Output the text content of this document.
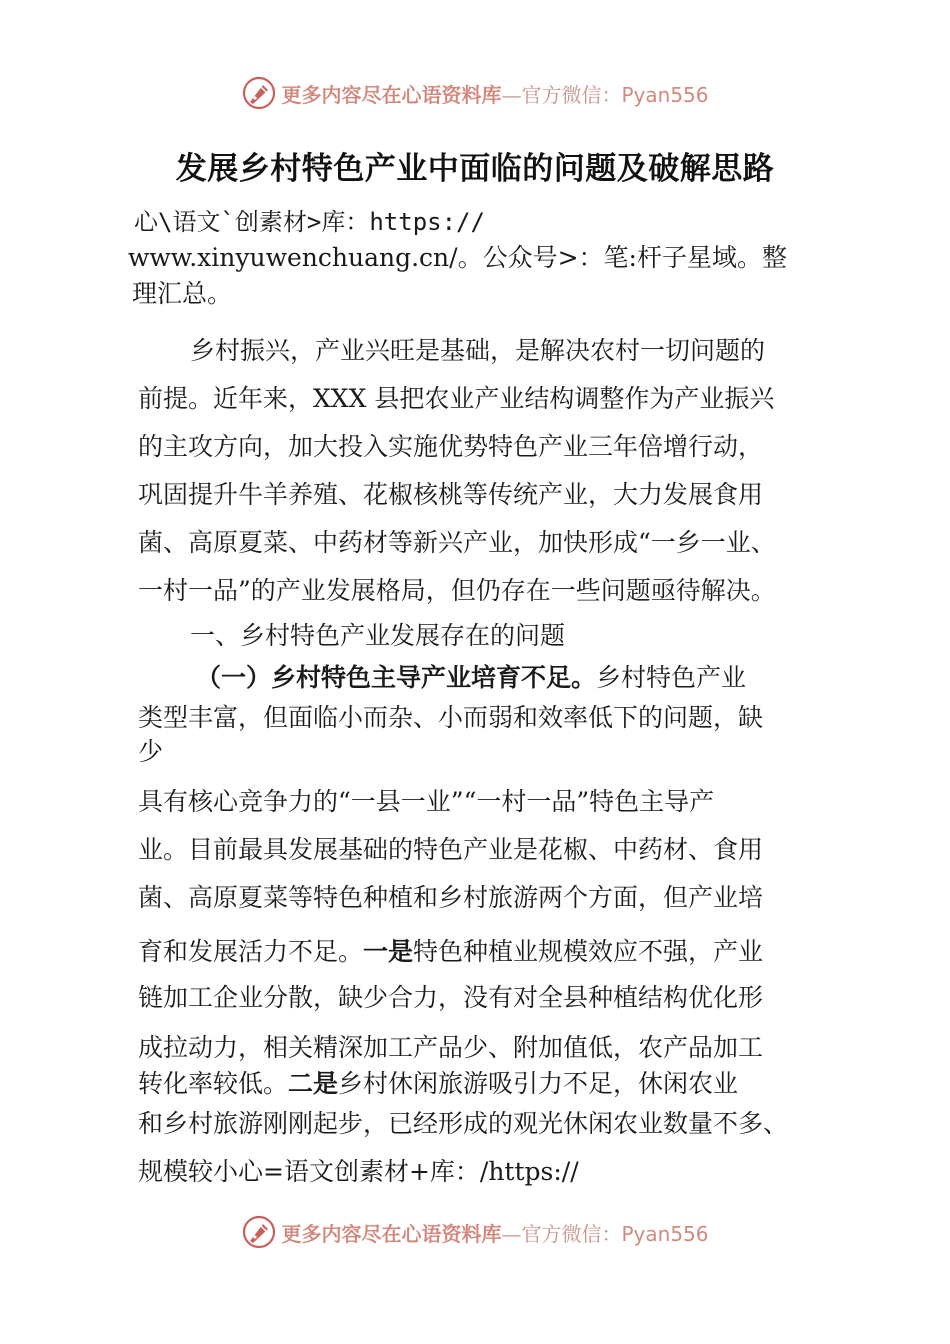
更多内容尽在心语资料库—官方微信：Pyan556
发展乡村特色产业中面临的问题及破解思路
心\语文`创素材>库：https://
www.xinyuwenchuang.cn/。公众号>：笔:杆子星域。整
理汇总。
乡村振兴，产业兴旺是基础，是解决农村一切问题的
前提。近年来，XXX 县把农业产业结构调整作为产业振兴
的主攻方向，加大投入实施优势特色产业三年倍增行动，
巩固提升牛羊养殖、花椒核桃等传统产业，大力发展食用
菌、高原夏菜、中药材等新兴产业，加快形成“一乡一业、
一村一品”的产业发展格局，但仍存在一些问题亟待解决。
一、乡村特色产业发展存在的问题
（一）乡村特色主导产业培育不足。乡村特色产业
类型丰富，但面临小而杂、小而弱和效率低下的问题，缺
少
具有核心竞争力的“一县一业”“一村一品”特色主导产
业。目前最具发展基础的特色产业是花椒、中药材、食用
菌、高原夏菜等特色种植和乡村旅游两个方面，但产业培
育和发展活力不足。一是特色种植业规模效应不强，产业
链加工企业分散，缺少合力，没有对全县种植结构优化形
成拉动力，相关精深加工产品少、附加值低，农产品加工
转化率较低。二是乡村休闲旅游吸引力不足，休闲农业
和乡村旅游刚刚起步，已经形成的观光休闲农业数量不多、
规模较小心=语文创素材+库：/https://
更多内容尽在心语资料库—官方微信：Pyan556
